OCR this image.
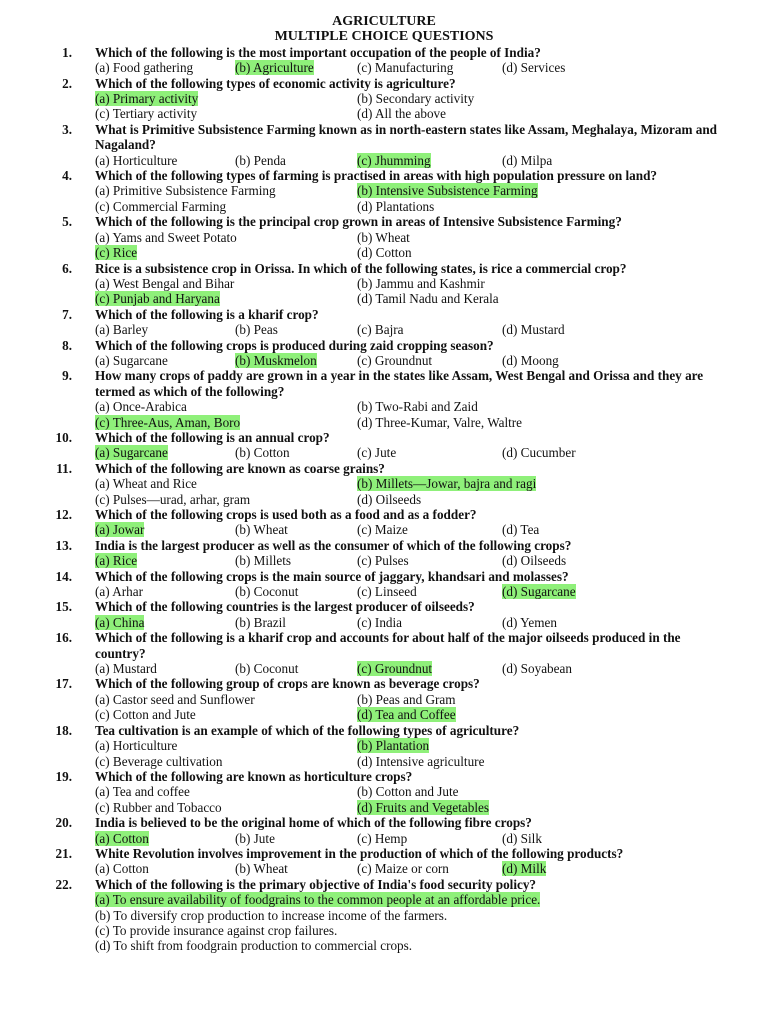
AGRICULTURE
MULTIPLE CHOICE QUESTIONS
1. Which of the following is the most important occupation of the people of India?
(a) Food gathering	(b) Agriculture	(c) Manufacturing	(d) Services
2. Which of the following types of economic activity is agriculture?
(a) Primary activity	(b) Secondary activity
(c) Tertiary activity	(d) All the above
3. What is Primitive Subsistence Farming known as in north-eastern states like Assam, Meghalaya, Mizoram and Nagaland?
(a) Horticulture	(b) Penda	(c) Jhumming	(d) Milpa
4. Which of the following types of farming is practised in areas with high population pressure on land?
(a) Primitive Subsistence Farming	(b) Intensive Subsistence Farming
(c) Commercial Farming	(d) Plantations
5. Which of the following is the principal crop grown in areas of Intensive Subsistence Farming?
(a) Yams and Sweet Potato	(b) Wheat
(c) Rice	(d) Cotton
6. Rice is a subsistence crop in Orissa. In which of the following states, is rice a commercial crop?
(a) West Bengal and Bihar	(b) Jammu and Kashmir
(c) Punjab and Haryana	(d) Tamil Nadu and Kerala
7. Which of the following is a kharif crop?
(a) Barley	(b) Peas	(c) Bajra	(d) Mustard
8. Which of the following crops is produced during zaid cropping season?
(a) Sugarcane	(b) Muskmelon	(c) Groundnut	(d) Moong
9. How many crops of paddy are grown in a year in the states like Assam, West Bengal and Orissa and they are termed as which of the following?
(a) Once-Arabica	(b) Two-Rabi and Zaid
(c) Three-Aus, Aman, Boro	(d) Three-Kumar, Valre, Waltre
10. Which of the following is an annual crop?
(a) Sugarcane	(b) Cotton	(c) Jute	(d) Cucumber
11. Which of the following are known as coarse grains?
(a) Wheat and Rice	(b) Millets—Jowar, bajra and ragi
(c) Pulses—urad, arhar, gram	(d) Oilseeds
12. Which of the following crops is used both as a food and as a fodder?
(a) Jowar	(b) Wheat	(c) Maize	(d) Tea
13. India is the largest producer as well as the consumer of which of the following crops?
(a) Rice	(b) Millets	(c) Pulses	(d) Oilseeds
14. Which of the following crops is the main source of jaggary, khandsari and molasses?
(a) Arhar	(b) Coconut	(c) Linseed	(d) Sugarcane
15. Which of the following countries is the largest producer of oilseeds?
(a) China	(b) Brazil	(c) India	(d) Yemen
16. Which of the following is a kharif crop and accounts for about half of the major oilseeds produced in the country?
(a) Mustard	(b) Coconut	(c) Groundnut	(d) Soyabean
17. Which of the following group of crops are known as beverage crops?
(a) Castor seed and Sunflower	(b) Peas and Gram
(c) Cotton and Jute	(d) Tea and Coffee
18. Tea cultivation is an example of which of the following types of agriculture?
(a) Horticulture	(b) Plantation
(c) Beverage cultivation	(d) Intensive agriculture
19. Which of the following are known as horticulture crops?
(a) Tea and coffee	(b) Cotton and Jute
(c) Rubber and Tobacco	(d) Fruits and Vegetables
20. India is believed to be the original home of which of the following fibre crops?
(a) Cotton	(b) Jute	(c) Hemp	(d) Silk
21. White Revolution involves improvement in the production of which of the following products?
(a) Cotton	(b) Wheat	(c) Maize or corn	(d) Milk
22. Which of the following is the primary objective of India's food security policy?
(a) To ensure availability of foodgrains to the common people at an affordable price.
(b) To diversify crop production to increase income of the farmers.
(c) To provide insurance against crop failures.
(d) To shift from foodgrain production to commercial crops.
